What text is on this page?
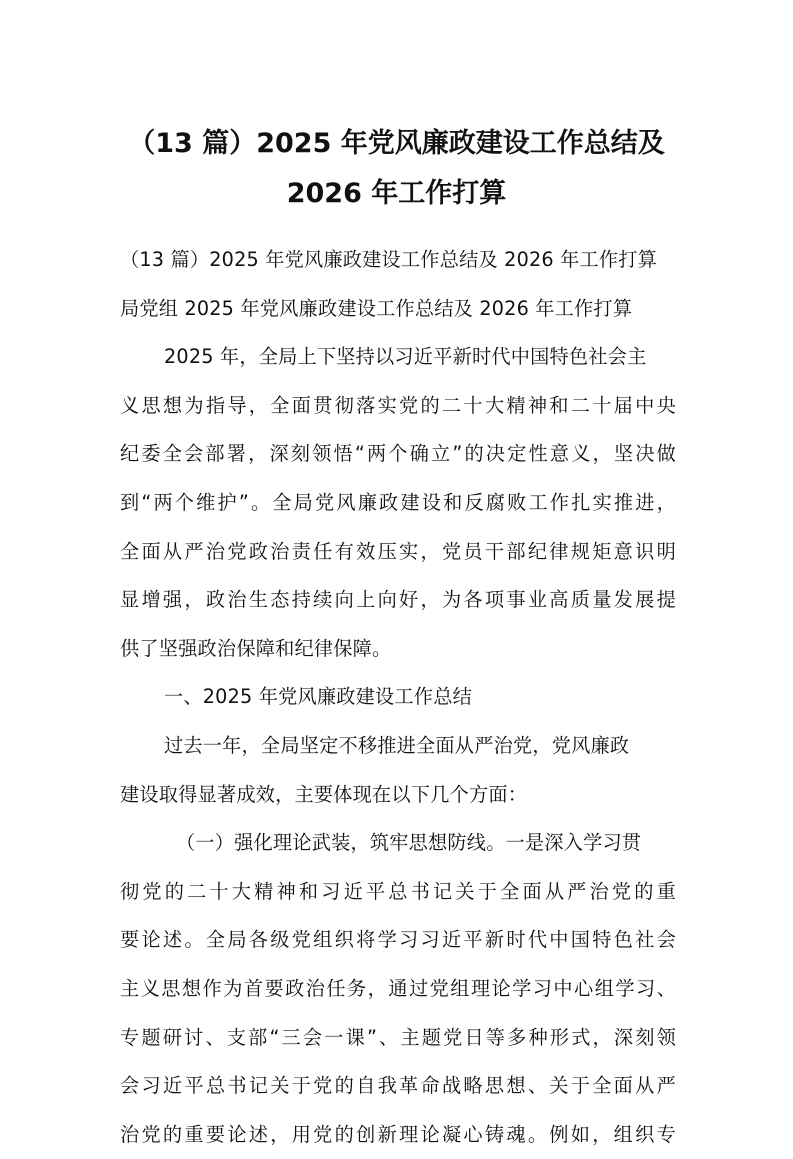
（13 篇）2025 年党风廉政建设工作总结及
2026 年工作打算
（13 篇）2025 年党风廉政建设工作总结及 2026 年工作打算
局党组 2025 年党风廉政建设工作总结及 2026 年工作打算
2025 年，全局上下坚持以习近平新时代中国特色社会主
义思想为指导，全面贯彻落实党的二十大精神和二十届中央
纪委全会部署，深刻领悟“两个确立”的决定性意义，坚决做
到“两个维护”。全局党风廉政建设和反腐败工作扎实推进，
全面从严治党政治责任有效压实，党员干部纪律规矩意识明
显增强，政治生态持续向上向好，为各项事业高质量发展提
供了坚强政治保障和纪律保障。
一、2025 年党风廉政建设工作总结
过去一年，全局坚定不移推进全面从严治党，党风廉政
建设取得显著成效，主要体现在以下几个方面：
（一）强化理论武装，筑牢思想防线。一是深入学习贯
彻党的二十大精神和习近平总书记关于全面从严治党的重
要论述。全局各级党组织将学习习近平新时代中国特色社会
主义思想作为首要政治任务，通过党组理论学习中心组学习、
专题研讨、支部“三会一课”、主题党日等多种形式，深刻领
会习近平总书记关于党的自我革命战略思想、关于全面从严
治党的重要论述，用党的创新理论凝心铸魂。例如，组织专
